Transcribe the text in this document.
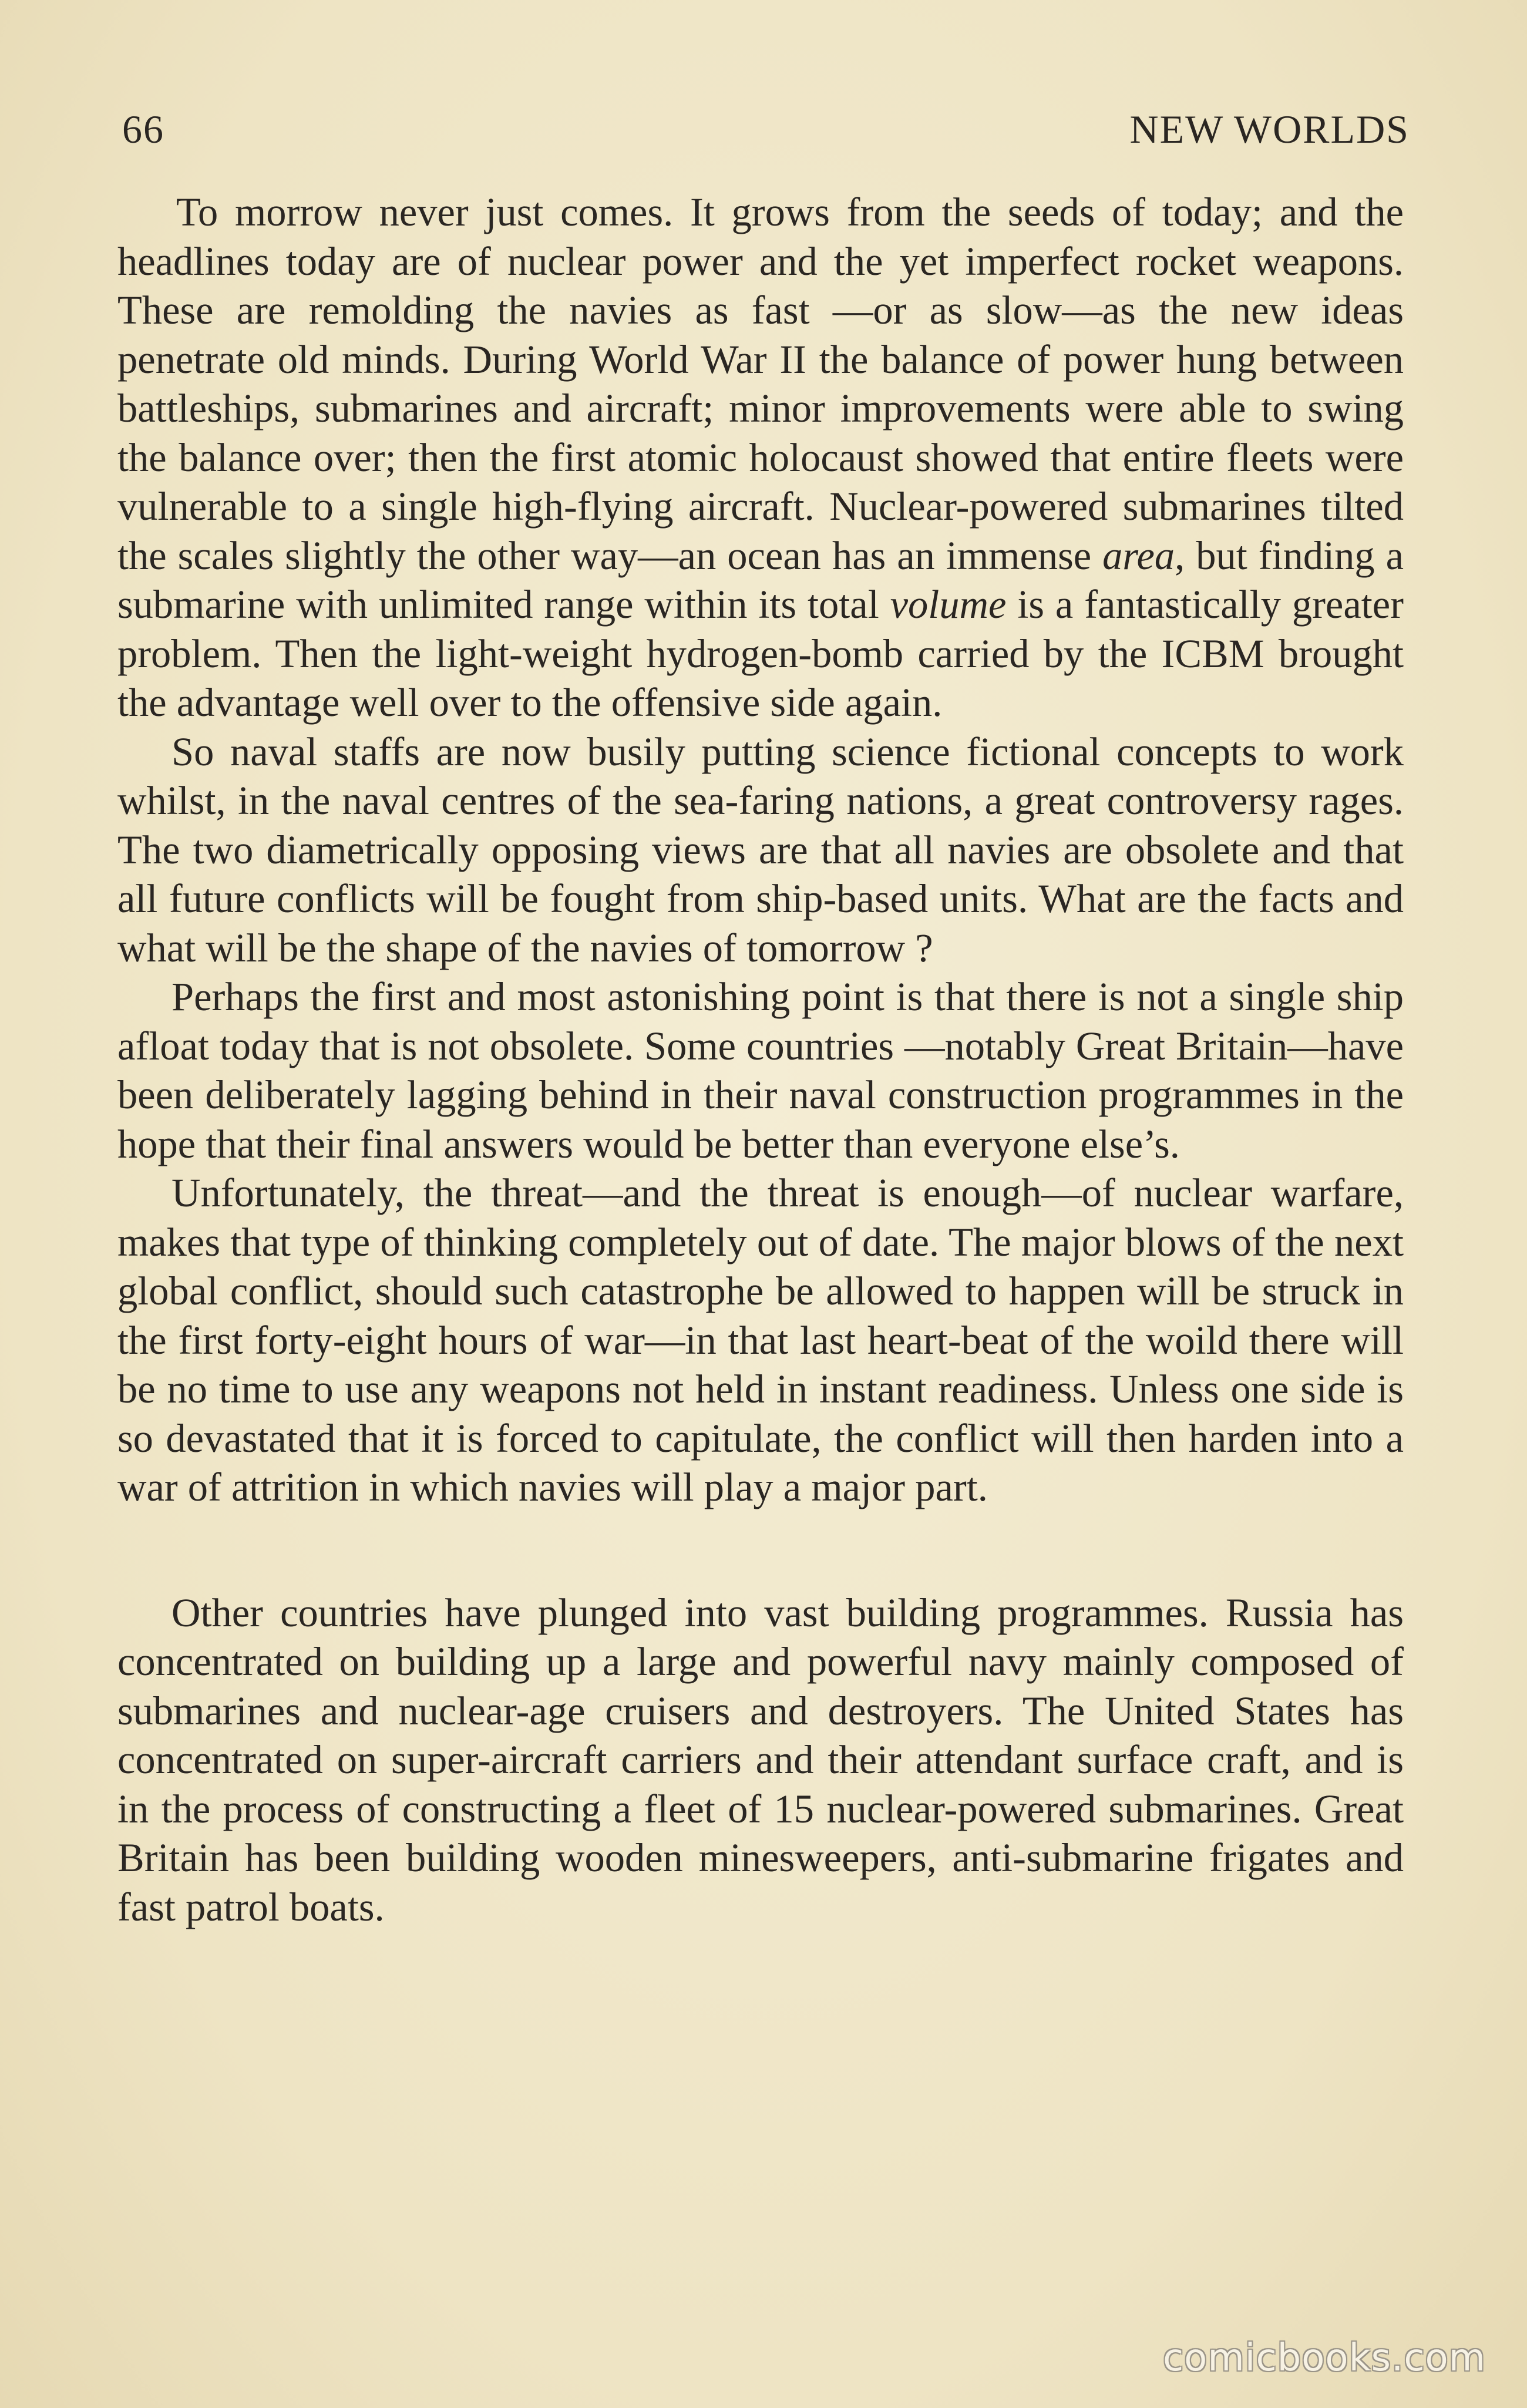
66	NEW WORLDS

To morrow never just comes. It grows from the seeds of today; and the headlines today are of nuclear power and the yet imperfect rocket weapons. These are remolding the navies as fast —or as slow—as the new ideas penetrate old minds. During World War II the balance of power hung between battleships, submarines and aircraft; minor improvements were able to swing the balance over; then the first atomic holocaust showed that entire fleets were vulnerable to a single high-flying aircraft. Nuclear-powered submarines tilted the scales slightly the other way—an ocean has an immense area, but finding a submarine with unlimited range within its total volume is a fantastically greater problem. Then the light-weight hydrogen-bomb carried by the ICBM brought the advantage well over to the offensive side again.

So naval staffs are now busily putting science fictional concepts to work whilst, in the naval centres of the sea-faring nations, a great controversy rages. The two diametrically opposing views are that all navies are obsolete and that all future conflicts will be fought from ship-based units. What are the facts and what will be the shape of the navies of tomorrow ?

Perhaps the first and most astonishing point is that there is not a single ship afloat today that is not obsolete. Some countries —notably Great Britain—have been deliberately lagging behind in their naval construction programmes in the hope that their final answers would be better than everyone else’s.

Unfortunately, the threat—and the threat is enough—of nuclear warfare, makes that type of thinking completely out of date. The major blows of the next global conflict, should such catastrophe be allowed to happen will be struck in the first forty-eight hours of war—in that last heart-beat of the woild there will be no time to use any weapons not held in instant readiness. Unless one side is so devastated that it is forced to capitulate, the conflict will then harden into a war of attrition in which navies will play a major part.

Other countries have plunged into vast building programmes. Russia has concentrated on building up a large and powerful navy mainly composed of submarines and nuclear-age cruisers and destroyers. The United States has concentrated on super-aircraft carriers and their attendant surface craft, and is in the process of constructing a fleet of 15 nuclear-powered submarines. Great Britain has been building wooden minesweepers, anti-submarine frigates and fast patrol boats.

comicbooks.com
